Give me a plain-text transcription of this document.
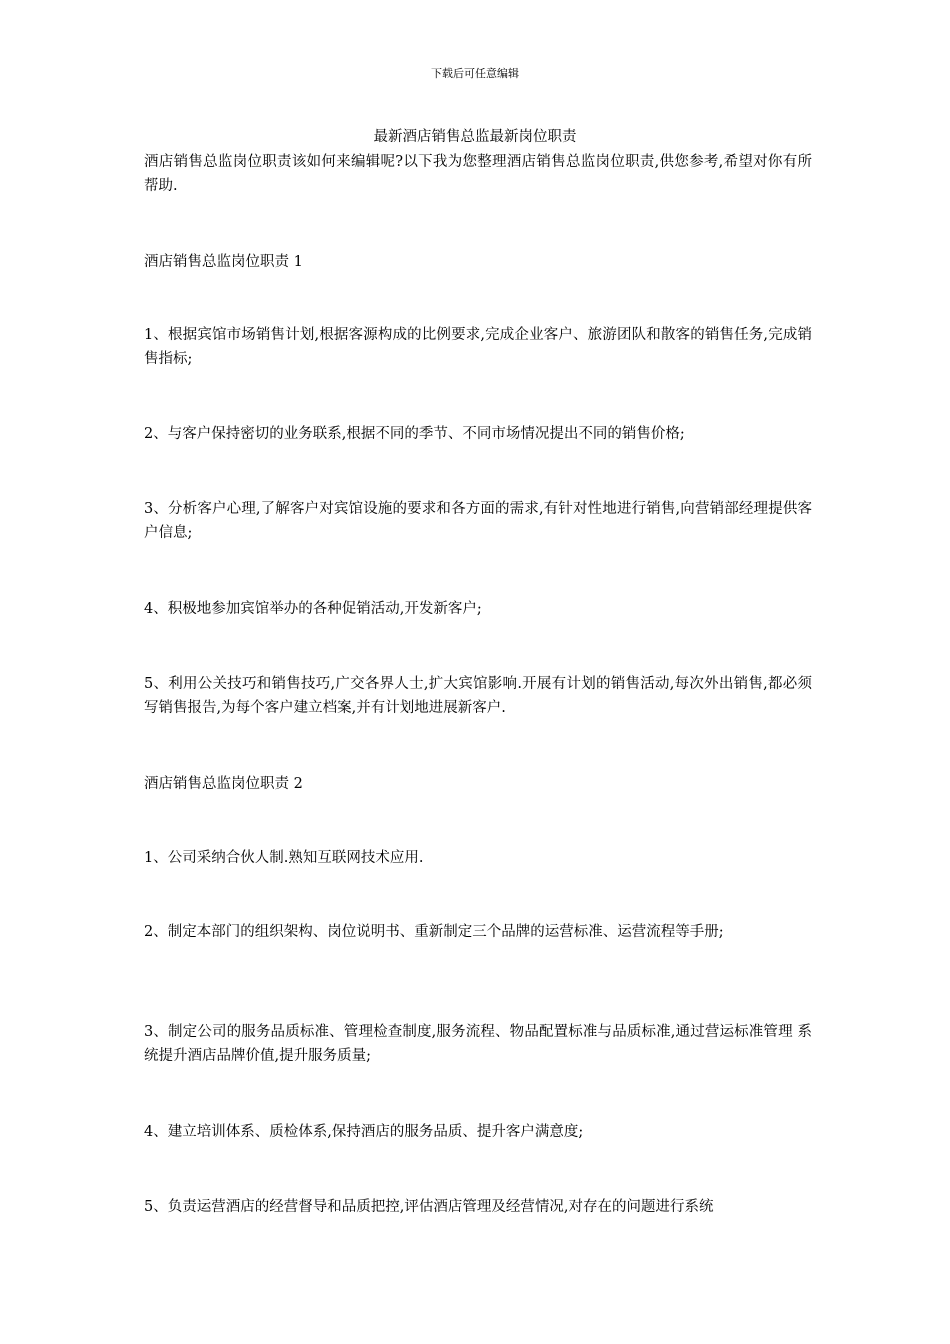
下载后可任意编辑
最新酒店销售总监最新岗位职责

酒店销售总监岗位职责该如何来编辑呢?以下我为您整理酒店销售总监岗位职责,供您参考,希望对你有所帮助.

酒店销售总监岗位职责 1

1、根据宾馆市场销售计划,根据客源构成的比例要求,完成企业客户、旅游团队和散客的销售任务,完成销售指标;

2、与客户保持密切的业务联系,根据不同的季节、不同市场情况提出不同的销售价格;

3、分析客户心理,了解客户对宾馆设施的要求和各方面的需求,有针对性地进行销售,向营销部经理提供客户信息;

4、积极地参加宾馆举办的各种促销活动,开发新客户;

5、利用公关技巧和销售技巧,广交各界人士,扩大宾馆影响.开展有计划的销售活动,每次外出销售,都必须写销售报告,为每个客户建立档案,并有计划地进展新客户.

酒店销售总监岗位职责 2

1、公司采纳合伙人制.熟知互联网技术应用.

2、制定本部门的组织架构、岗位说明书、重新制定三个品牌的运营标准、运营流程等手册;

3、制定公司的服务品质标准、管理检查制度,服务流程、物品配置标准与品质标准,通过营运标准管理 系统提升酒店品牌价值,提升服务质量;

4、建立培训体系、质检体系,保持酒店的服务品质、提升客户满意度;

5、负责运营酒店的经营督导和品质把控,评估酒店管理及经营情况,对存在的问题进行系统
